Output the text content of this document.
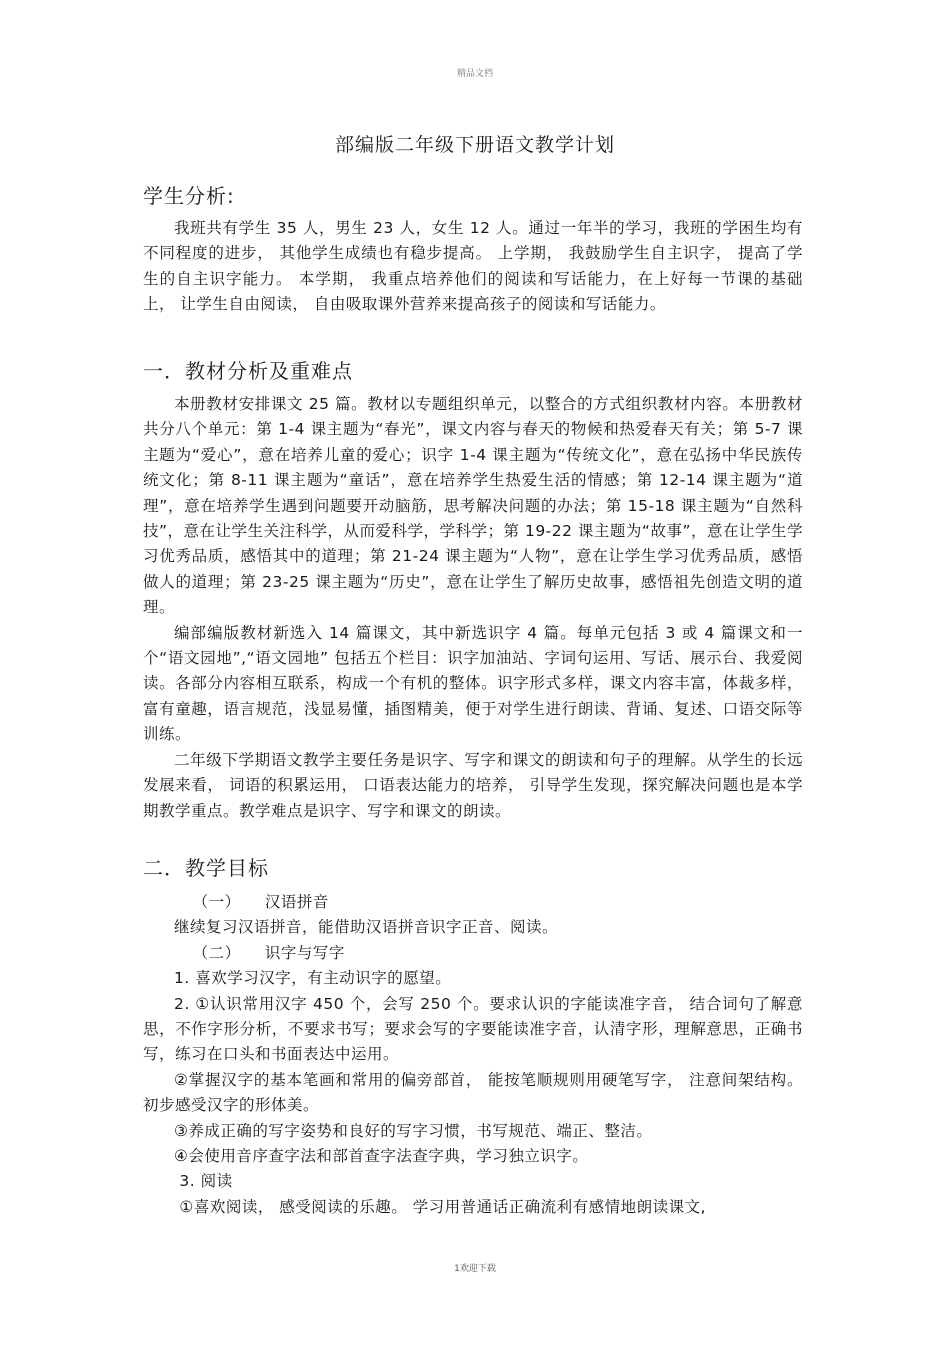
精品文档
部编版二年级下册语文教学计划
学生分析:

我班共有学生 35 人，男生 23 人，女生 12 人。通过一年半的学习，我班的学困生均有不同程度的进步， 其他学生成绩也有稳步提高。 上学期， 我鼓励学生自主识字， 提高了学生的自主识字能力。 本学期， 我重点培养他们的阅读和写话能力，在上好每一节课的基础上， 让学生自由阅读， 自由吸取课外营养来提高孩子的阅读和写话能力。

一．教材分析及重难点

本册教材安排课文 25 篇。教材以专题组织单元，以整合的方式组织教材内容。本册教材共分八个单元：第 1-4 课主题为“春光”，课文内容与春天的物候和热爱春天有关；第 5-7 课主题为“爱心”，意在培养儿童的爱心；识字 1-4 课主题为“传统文化”，意在弘扬中华民族传统文化；第 8-11 课主题为“童话”，意在培养学生热爱生活的情感；第 12-14 课主题为“道理”，意在培养学生遇到问题要开动脑筋，思考解决问题的办法；第 15-18 课主题为“自然科技”，意在让学生关注科学，从而爱科学，学科学；第 19-22 课主题为“故事”，意在让学生学习优秀品质，感悟其中的道理；第 21-24 课主题为“人物”，意在让学生学习优秀品质，感悟做人的道理；第 23-25 课主题为“历史”，意在让学生了解历史故事，感悟祖先创造文明的道理。

编部编版教材新选入 14 篇课文，其中新选识字 4 篇。每单元包括 3 或 4 篇课文和一个“语文园地”,“语文园地” 包括五个栏目：识字加油站、字词句运用、写话、展示台、我爱阅读。各部分内容相互联系，构成一个有机的整体。识字形式多样，课文内容丰富，体裁多样，富有童趣，语言规范，浅显易懂，插图精美，便于对学生进行朗读、背诵、复述、口语交际等训练。

二年级下学期语文教学主要任务是识字、写字和课文的朗读和句子的理解。从学生的长远发展来看， 词语的积累运用， 口语表达能力的培养， 引导学生发现，探究解决问题也是本学期教学重点。教学难点是识字、写字和课文的朗读。

二．教学目标

（一）　　汉语拼音

继续复习汉语拼音，能借助汉语拼音识字正音、阅读。

（二）　　识字与写字

1. 喜欢学习汉字，有主动识字的愿望。

2. ①认识常用汉字 450 个，会写 250 个。要求认识的字能读准字音， 结合词句了解意思，不作字形分析，不要求书写；要求会写的字要能读准字音，认清字形，理解意思，正确书写，练习在口头和书面表达中运用。

②掌握汉字的基本笔画和常用的偏旁部首， 能按笔顺规则用硬笔写字， 注意间架结构。初步感受汉字的形体美。

③养成正确的写字姿势和良好的写字习惯，书写规范、端正、整洁。

④会使用音序查字法和部首查字法查字典，学习独立识字。

3. 阅读

①喜欢阅读， 感受阅读的乐趣。 学习用普通话正确流利有感情地朗读课文,

1欢迎下载
